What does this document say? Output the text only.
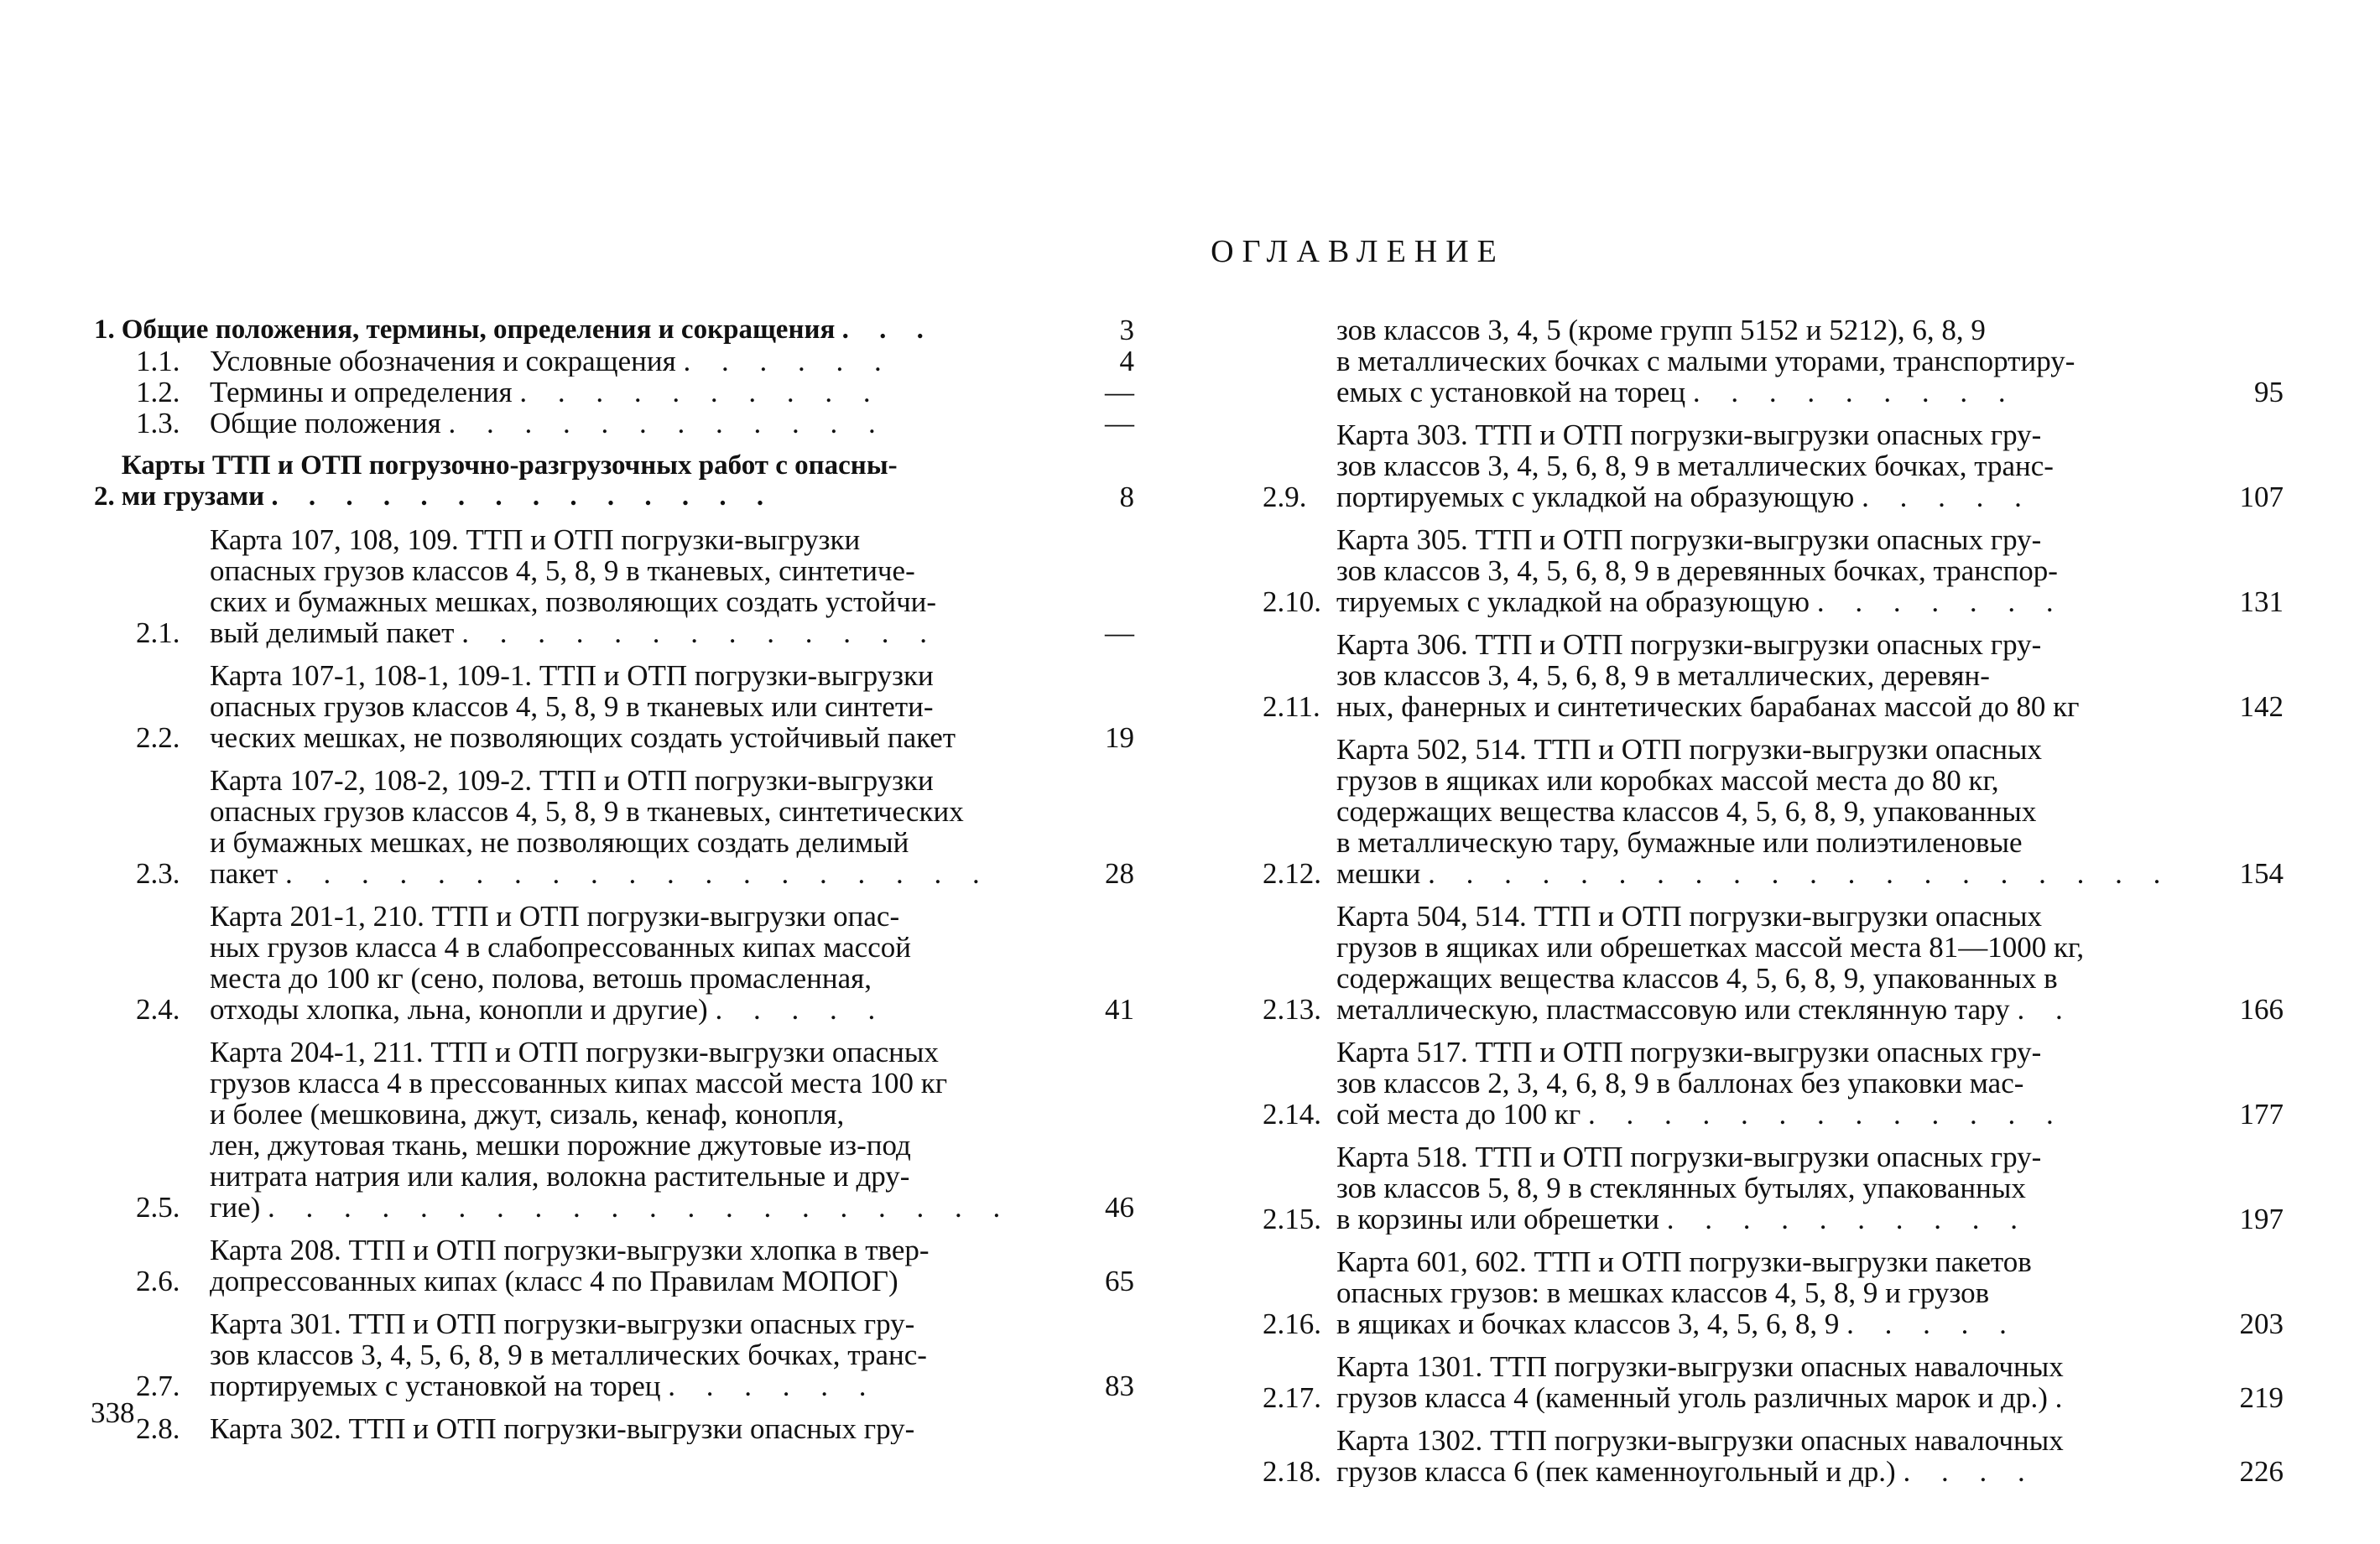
ОГЛАВЛЕНИЕ
1. Общие положения, термины, определения и сокращения . . .	3
1.1.	Условные обозначения и сокращения . . . . . .	4
1.2.	Термины и определения . . . . . . . . . .	—
1.3.	Общие положения . . . . . . . . . . . .	—
2.
Карты ТТП и ОТП погрузочно-разгрузочных работ с опасны-
ми грузами . . . . . . . . . . . . . .	8
2.1.
Карта 107, 108, 109. ТТП и ОТП погрузки-выгрузки
опасных грузов классов 4, 5, 8, 9 в тканевых, синтетиче-
ских и бумажных мешках, позволяющих создать устойчи-
вый делимый пакет . . . . . . . . . . . . .	—
2.2.
Карта 107-1, 108-1, 109-1. ТТП и ОТП погрузки-выгрузки
опасных грузов классов 4, 5, 8, 9 в тканевых или синтети-
ческих мешках, не позволяющих создать устойчивый пакет	19
2.3.
Карта 107-2, 108-2, 109-2. ТТП и ОТП погрузки-выгрузки
опасных грузов классов 4, 5, 8, 9 в тканевых, синтетических
и бумажных мешках, не позволяющих создать делимый
пакет . . . . . . . . . . . . . . . . . . .	28
2.4.
Карта 201-1, 210. ТТП и ОТП погрузки-выгрузки опас-
ных грузов класса 4 в слабопрессованных кипах массой
места до 100 кг (сено, полова, ветошь промасленная,
отходы хлопка, льна, конопли и другие) . . . . .	41
2.5.
Карта 204-1, 211. ТТП и ОТП погрузки-выгрузки опасных
грузов класса 4 в прессованных кипах массой места 100 кг
и более (мешковина, джут, сизаль, кенаф, конопля,
лен, джутовая ткань, мешки порожние джутовые из-под
нитрата натрия или калия, волокна растительные и дру-
гие) . . . . . . . . . . . . . . . . . . . .	46
2.6.
Карта 208. ТТП и ОТП погрузки-выгрузки хлопка в твер-
допрессованных кипах (класс 4 по Правилам МОПОГ)	65
2.7.
Карта 301. ТТП и ОТП погрузки-выгрузки опасных гру-
зов классов 3, 4, 5, 6, 8, 9 в металлических бочках, транс-
портируемых с установкой на торец . . . . . .	83
2.8.	Карта 302. ТТП и ОТП погрузки-выгрузки опасных гру-
зов классов 3, 4, 5 (кроме групп 5152 и 5212), 6, 8, 9
в металлических бочках с малыми уторами, транспортиру-
емых с установкой на торец . . . . . . . . .	95
2.9.
Карта 303. ТТП и ОТП погрузки-выгрузки опасных гру-
зов классов 3, 4, 5, 6, 8, 9 в металлических бочках, транс-
портируемых с укладкой на образующую . . . . .	107
2.10.
Карта 305. ТТП и ОТП погрузки-выгрузки опасных гру-
зов классов 3, 4, 5, 6, 8, 9 в деревянных бочках, транспор-
тируемых с укладкой на образующую . . . . . . .	131
2.11.
Карта 306. ТТП и ОТП погрузки-выгрузки опасных гру-
зов классов 3, 4, 5, 6, 8, 9 в металлических, деревян-
ных, фанерных и синтетических барабанах массой до 80 кг	142
2.12.
Карта 502, 514. ТТП и ОТП погрузки-выгрузки опасных
грузов в ящиках или коробках массой места до 80 кг,
содержащих вещества классов 4, 5, 6, 8, 9, упакованных
в металлическую тару, бумажные или полиэтиленовые
мешки . . . . . . . . . . . . . . . . . . . .	154
2.13.
Карта 504, 514. ТТП и ОТП погрузки-выгрузки опасных
грузов в ящиках или обрешетках массой места 81—1000 кг,
содержащих вещества классов 4, 5, 6, 8, 9, упакованных в
металлическую, пластмассовую или стеклянную тару . .	166
2.14.
Карта 517. ТТП и ОТП погрузки-выгрузки опасных гру-
зов классов 2, 3, 4, 6, 8, 9 в баллонах без упаковки мас-
сой места до 100 кг . . . . . . . . . . . . .	177
2.15.
Карта 518. ТТП и ОТП погрузки-выгрузки опасных гру-
зов классов 5, 8, 9 в стеклянных бутылях, упакованных
в корзины или обрешетки . . . . . . . . . .	197
2.16.
Карта 601, 602. ТТП и ОТП погрузки-выгрузки пакетов
опасных грузов: в мешках классов 4, 5, 8, 9 и грузов
в ящиках и бочках классов 3, 4, 5, 6, 8, 9 . . . . .	203
2.17.
Карта 1301. ТТП погрузки-выгрузки опасных навалочных
грузов класса 4 (каменный уголь различных марок и др.) .	219
2.18.
Карта 1302. ТТП погрузки-выгрузки опасных навалочных
грузов класса 6 (пек каменноугольный и др.) . . . .	226
338
